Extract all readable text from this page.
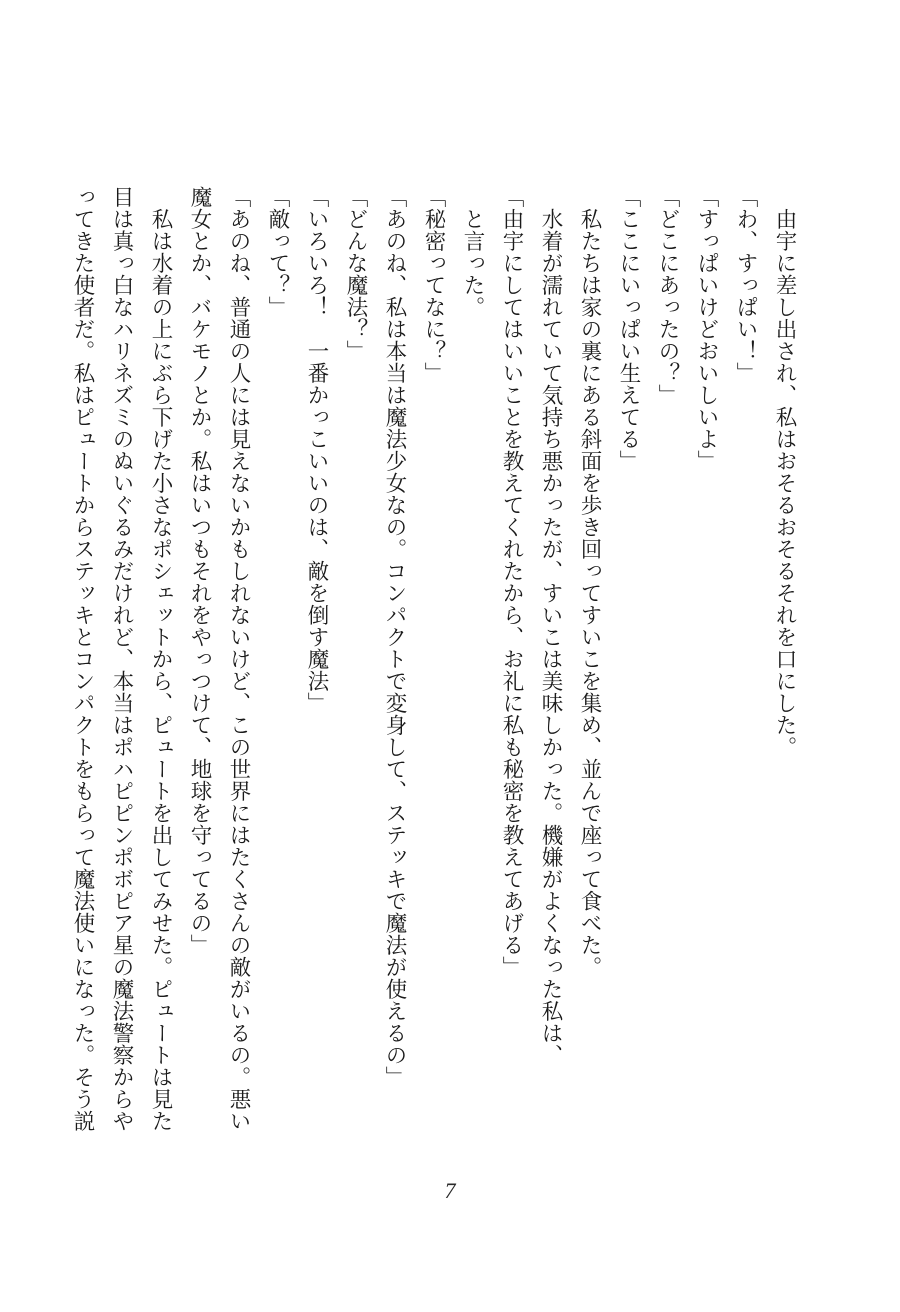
　由宇に差し出され、私はおそるおそるそれを口にした。
「わ、すっぱい！」
「すっぱいけどおいしいよ」
「どこにあったの？」
「ここにいっぱい生えてる」
　私たちは家の裏にある斜面を歩き回ってすいこを集め、並んで座って食べた。
　水着が濡れていて気持ち悪かったが、すいこは美味しかった。機嫌がよくなった私は、
「由宇にしてはいいことを教えてくれたから、お礼に私も秘密を教えてあげる」
　と言った。
「秘密ってなに？」
「あのね、私は本当は魔法少女なの。コンパクトで変身して、ステッキで魔法が使えるの」
「どんな魔法？」
「いろいろ！　一番かっこいいのは、敵を倒す魔法」
「敵って？」
「あのね、普通の人には見えないかもしれないけど、この世界にはたくさんの敵がいるの。悪い
魔女とか、バケモノとか。私はいつもそれをやっつけて、地球を守ってるの」
　私は水着の上にぶら下げた小さなポシェットから、ピュートを出してみせた。ピュートは見た
目は真っ白なハリネズミのぬいぐるみだけれど、本当はポハピピンポボピア星の魔法警察からや
ってきた使者だ。私はピュートからステッキとコンパクトをもらって魔法使いになった。そう説
7
